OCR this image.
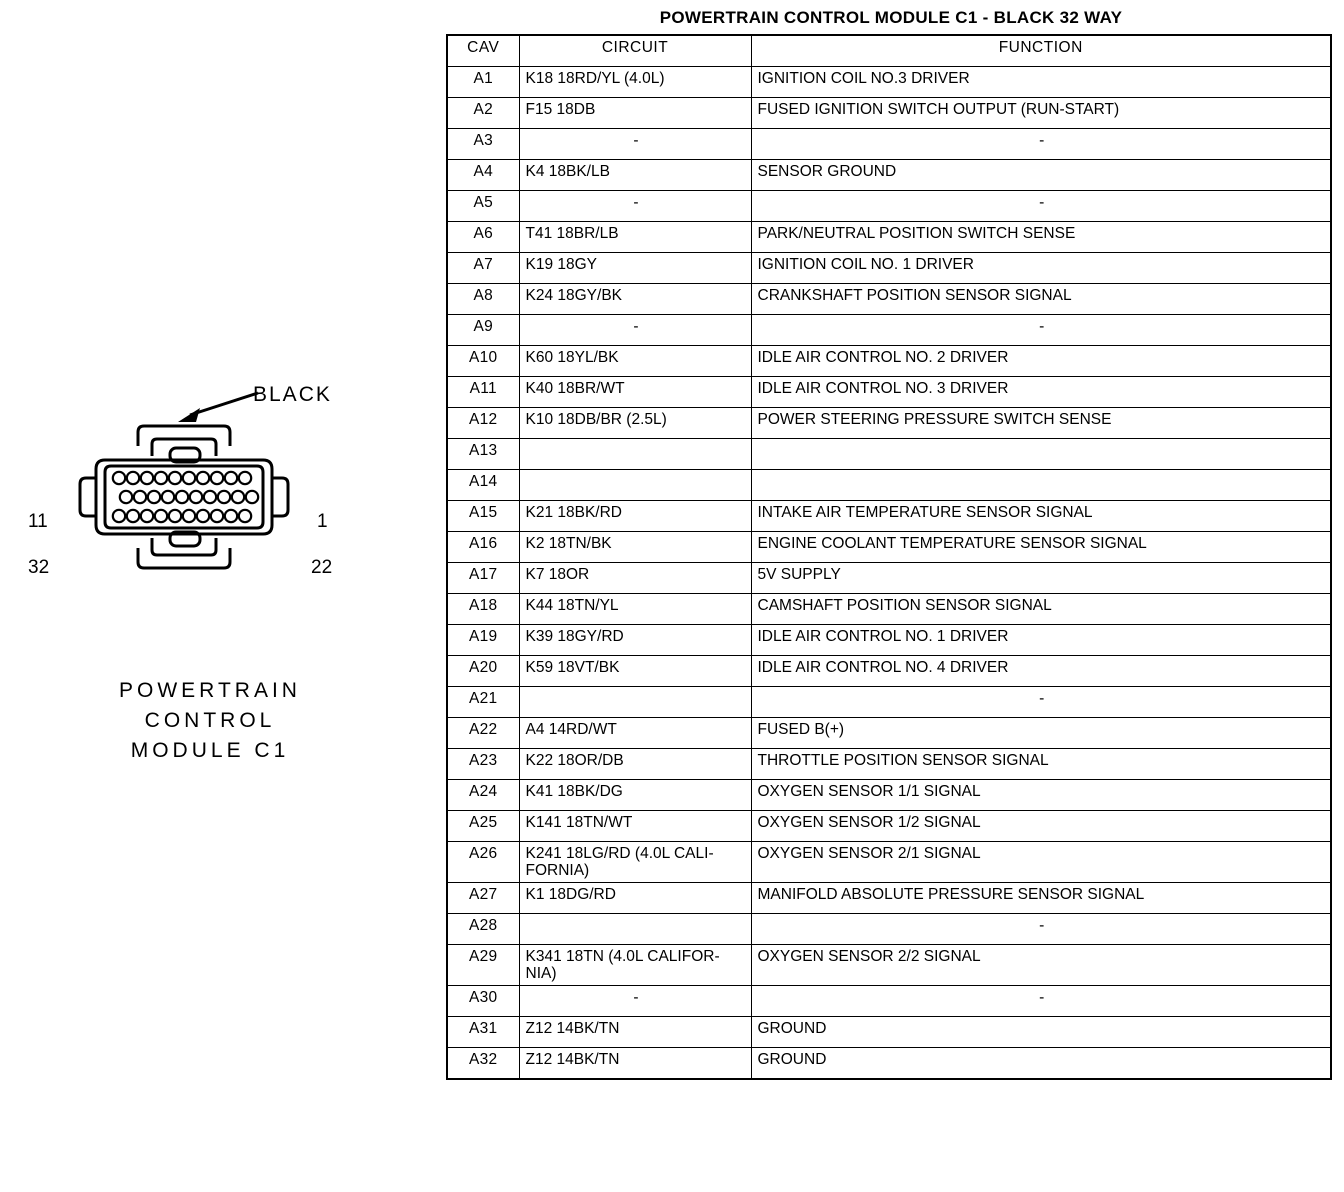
BLACK
11
32
1
22
POWERTRAIN
CONTROL
MODULE C1
POWERTRAIN CONTROL MODULE C1 - BLACK 32 WAY
CAV	CIRCUIT	FUNCTION
A1	K18 18RD/YL (4.0L)	IGNITION COIL NO.3 DRIVER
A2	F15 18DB	FUSED IGNITION SWITCH OUTPUT (RUN-START)
A3	-	-
A4	K4 18BK/LB	SENSOR GROUND
A5	-	-
A6	T41 18BR/LB	PARK/NEUTRAL POSITION SWITCH SENSE
A7	K19 18GY	IGNITION COIL NO. 1 DRIVER
A8	K24 18GY/BK	CRANKSHAFT POSITION SENSOR SIGNAL
A9	-	-
A10	K60 18YL/BK	IDLE AIR CONTROL NO. 2 DRIVER
A11	K40 18BR/WT	IDLE AIR CONTROL NO. 3 DRIVER
A12	K10 18DB/BR (2.5L)	POWER STEERING PRESSURE SWITCH SENSE
A13		
A14		
A15	K21 18BK/RD	INTAKE AIR TEMPERATURE SENSOR SIGNAL
A16	K2 18TN/BK	ENGINE COOLANT TEMPERATURE SENSOR SIGNAL
A17	K7 18OR	5V SUPPLY
A18	K44 18TN/YL	CAMSHAFT POSITION SENSOR SIGNAL
A19	K39 18GY/RD	IDLE AIR CONTROL NO. 1 DRIVER
A20	K59 18VT/BK	IDLE AIR CONTROL NO. 4 DRIVER
A21		-
A22	A4 14RD/WT	FUSED B(+)
A23	K22 18OR/DB	THROTTLE POSITION SENSOR SIGNAL
A24	K41 18BK/DG	OXYGEN SENSOR 1/1 SIGNAL
A25	K141 18TN/WT	OXYGEN SENSOR 1/2 SIGNAL
A26	K241 18LG/RD (4.0L CALI-FORNIA)	OXYGEN SENSOR 2/1 SIGNAL
A27	K1 18DG/RD	MANIFOLD ABSOLUTE PRESSURE SENSOR SIGNAL
A28		-
A29	K341 18TN (4.0L CALIFOR-NIA)	OXYGEN SENSOR 2/2 SIGNAL
A30	-	-
A31	Z12 14BK/TN	GROUND
A32	Z12 14BK/TN	GROUND
